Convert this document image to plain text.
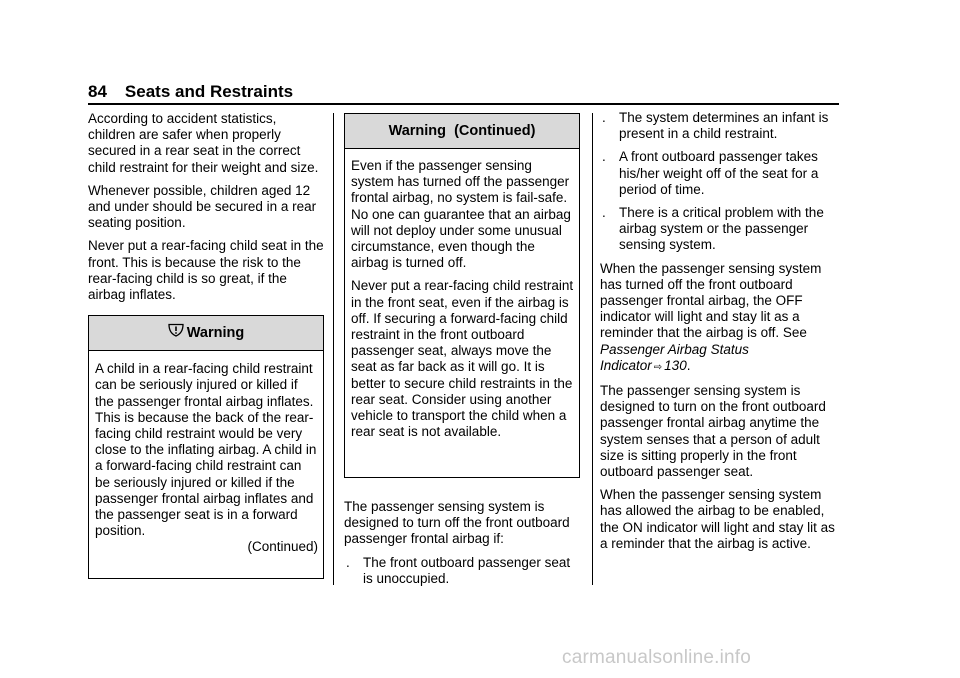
84 Seats and Restraints

According to accident statistics, children are safer when properly secured in a rear seat in the correct child restraint for their weight and size.

Whenever possible, children aged 12 and under should be secured in a rear seating position.

Never put a rear-facing child seat in the front. This is because the risk to the rear-facing child is so great, if the airbag inflates.

Warning

A child in a rear-facing child restraint can be seriously injured or killed if the passenger frontal airbag inflates. This is because the back of the rear-facing child restraint would be very close to the inflating airbag. A child in a forward-facing child restraint can be seriously injured or killed if the passenger frontal airbag inflates and the passenger seat is in a forward position.

(Continued)
Warning  (Continued)

Even if the passenger sensing system has turned off the passenger frontal airbag, no system is fail-safe. No one can guarantee that an airbag will not deploy under some unusual circumstance, even though the airbag is turned off.

Never put a rear-facing child restraint in the front seat, even if the airbag is off. If securing a forward-facing child restraint in the front outboard passenger seat, always move the seat as far back as it will go. It is better to secure child restraints in the rear seat. Consider using another vehicle to transport the child when a rear seat is not available.

The passenger sensing system is designed to turn off the front outboard passenger frontal airbag if:

. The front outboard passenger seat is unoccupied.
. The system determines an infant is present in a child restraint.
. A front outboard passenger takes his/her weight off of the seat for a period of time.
. There is a critical problem with the airbag system or the passenger sensing system.

When the passenger sensing system has turned off the front outboard passenger frontal airbag, the OFF indicator will light and stay lit as a reminder that the airbag is off. See Passenger Airbag Status Indicator ⇨ 130.

The passenger sensing system is designed to turn on the front outboard passenger frontal airbag anytime the system senses that a person of adult size is sitting properly in the front outboard passenger seat.

When the passenger sensing system has allowed the airbag to be enabled, the ON indicator will light and stay lit as a reminder that the airbag is active.

carmanualsonline.info
